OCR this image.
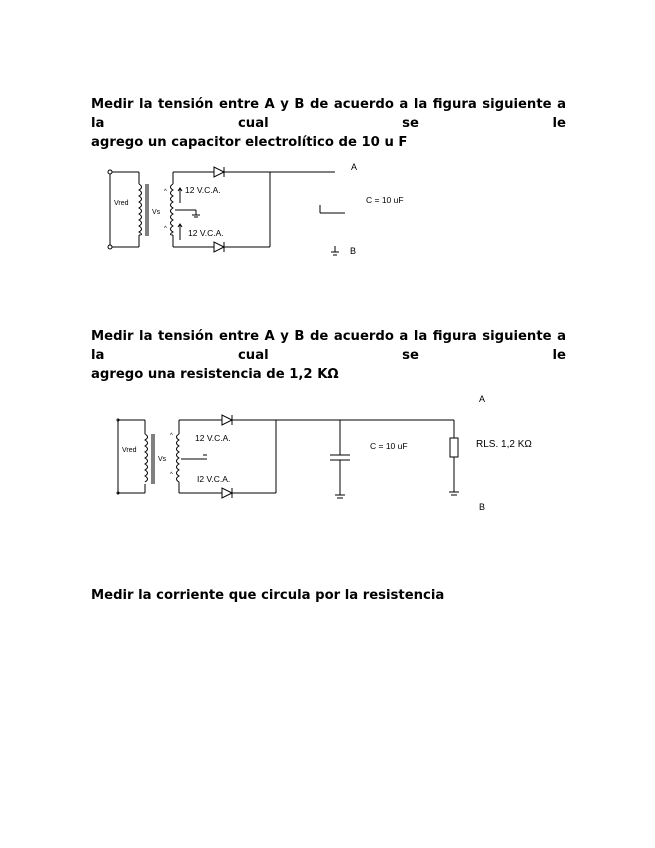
Medir la tensión entre A y B de acuerdo a la figura siguiente a la cual se le
agrego un capacitor electrolítico de 10 u F
Vred
Vs
^
^
12 V.C.A.
12 V.C.A.
C = 10 uF
A
B
Medir la tensión entre A y B de acuerdo a la figura siguiente a la cual se le
agrego una resistencia de 1,2 KΩ
A
Vred
Vs
^
^
12 V.C.A.
I2 V.C.A.
C = 10 uF	RLS. 1,2 KΩ
B
Medir la corriente que circula por la resistencia
